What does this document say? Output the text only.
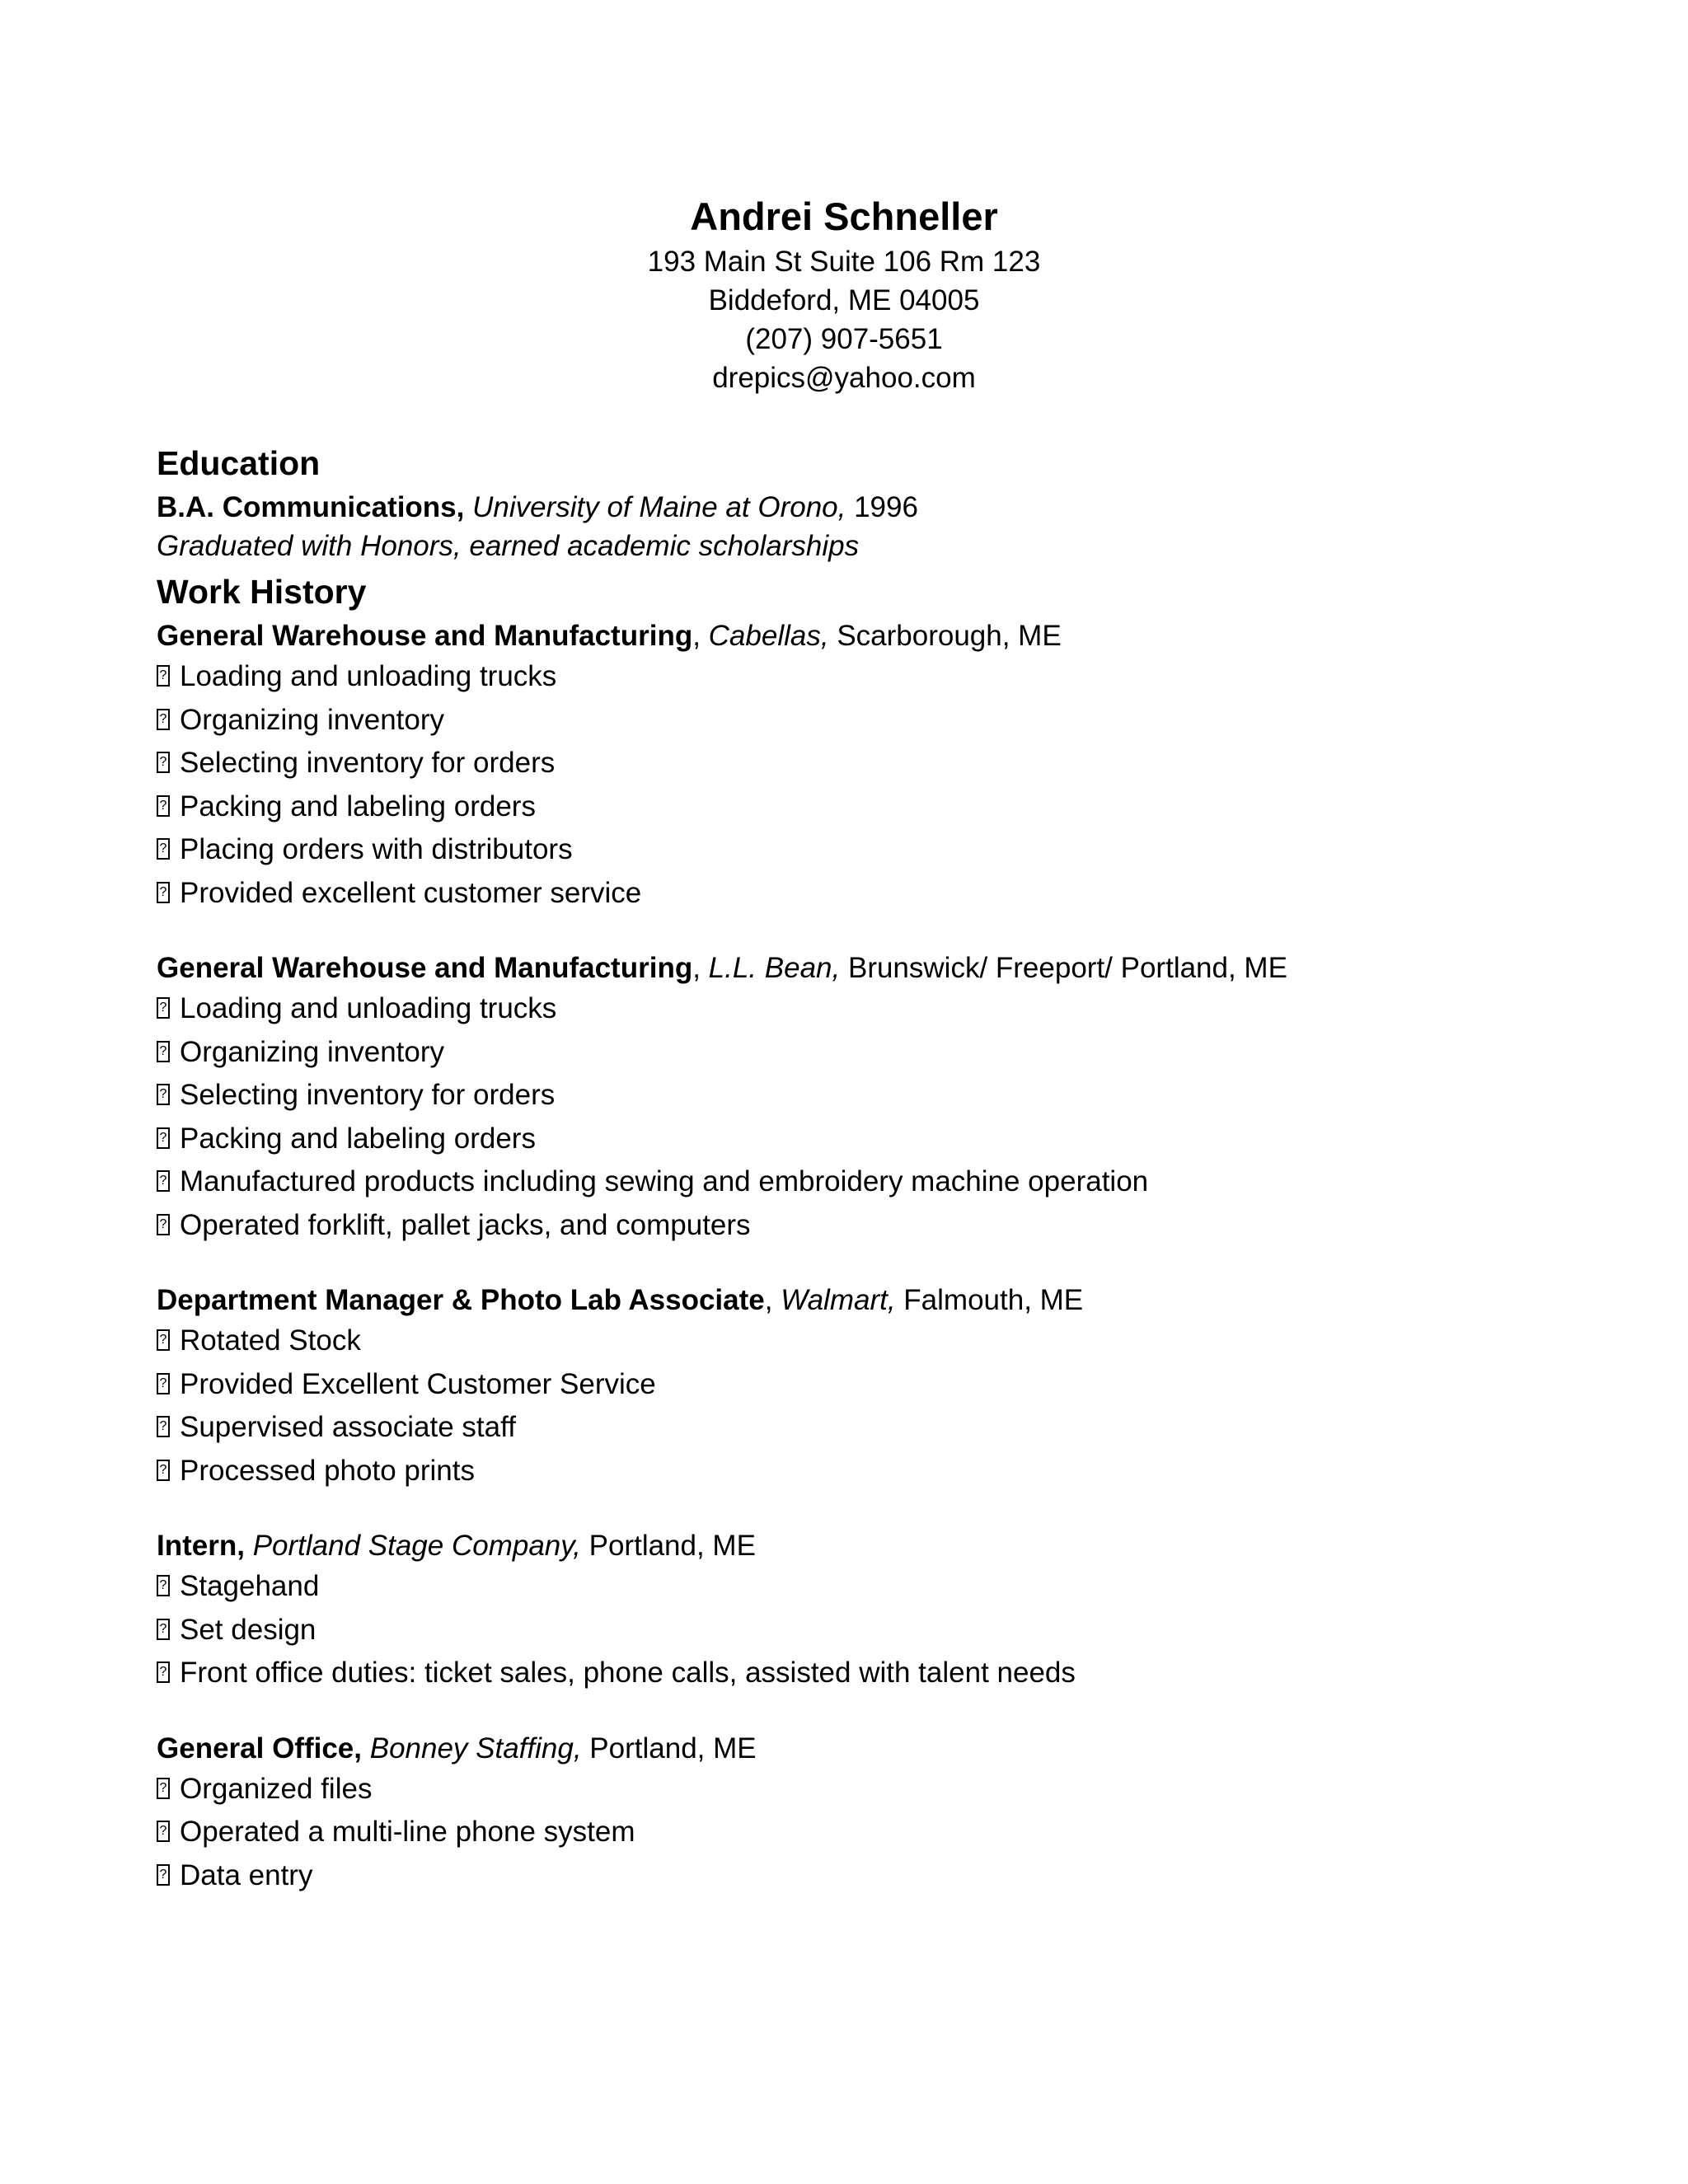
Andrei Schneller

193 Main St Suite 106 Rm 123

Biddeford, ME 04005

(207) 907-5651

drepics@yahoo.com

Education

B.A. Communications, University of Maine at Orono, 1996

Graduated with Honors, earned academic scholarships

Work History

General Warehouse and Manufacturing, Cabellas, Scarborough, ME

?
Loading and unloading trucks
?
Organizing inventory
?
Selecting inventory for orders
?
Packing and labeling orders
?
Placing orders with distributors
?
Provided excellent customer service

General Warehouse and Manufacturing, L.L. Bean, Brunswick/ Freeport/ Portland, ME

?
Loading and unloading trucks
?
Organizing inventory
?
Selecting inventory for orders
?
Packing and labeling orders
?
Manufactured products including sewing and embroidery machine operation
?
Operated forklift, pallet jacks, and computers

Department Manager & Photo Lab Associate, Walmart, Falmouth, ME

?
Rotated Stock
?
Provided Excellent Customer Service
?
Supervised associate staff
?
Processed photo prints

Intern, Portland Stage Company, Portland, ME

?
Stagehand
?
Set design
?
Front office duties: ticket sales, phone calls, assisted with talent needs

General Office, Bonney Staffing, Portland, ME

?
Organized files
?
Operated a multi-line phone system
?
Data entry
